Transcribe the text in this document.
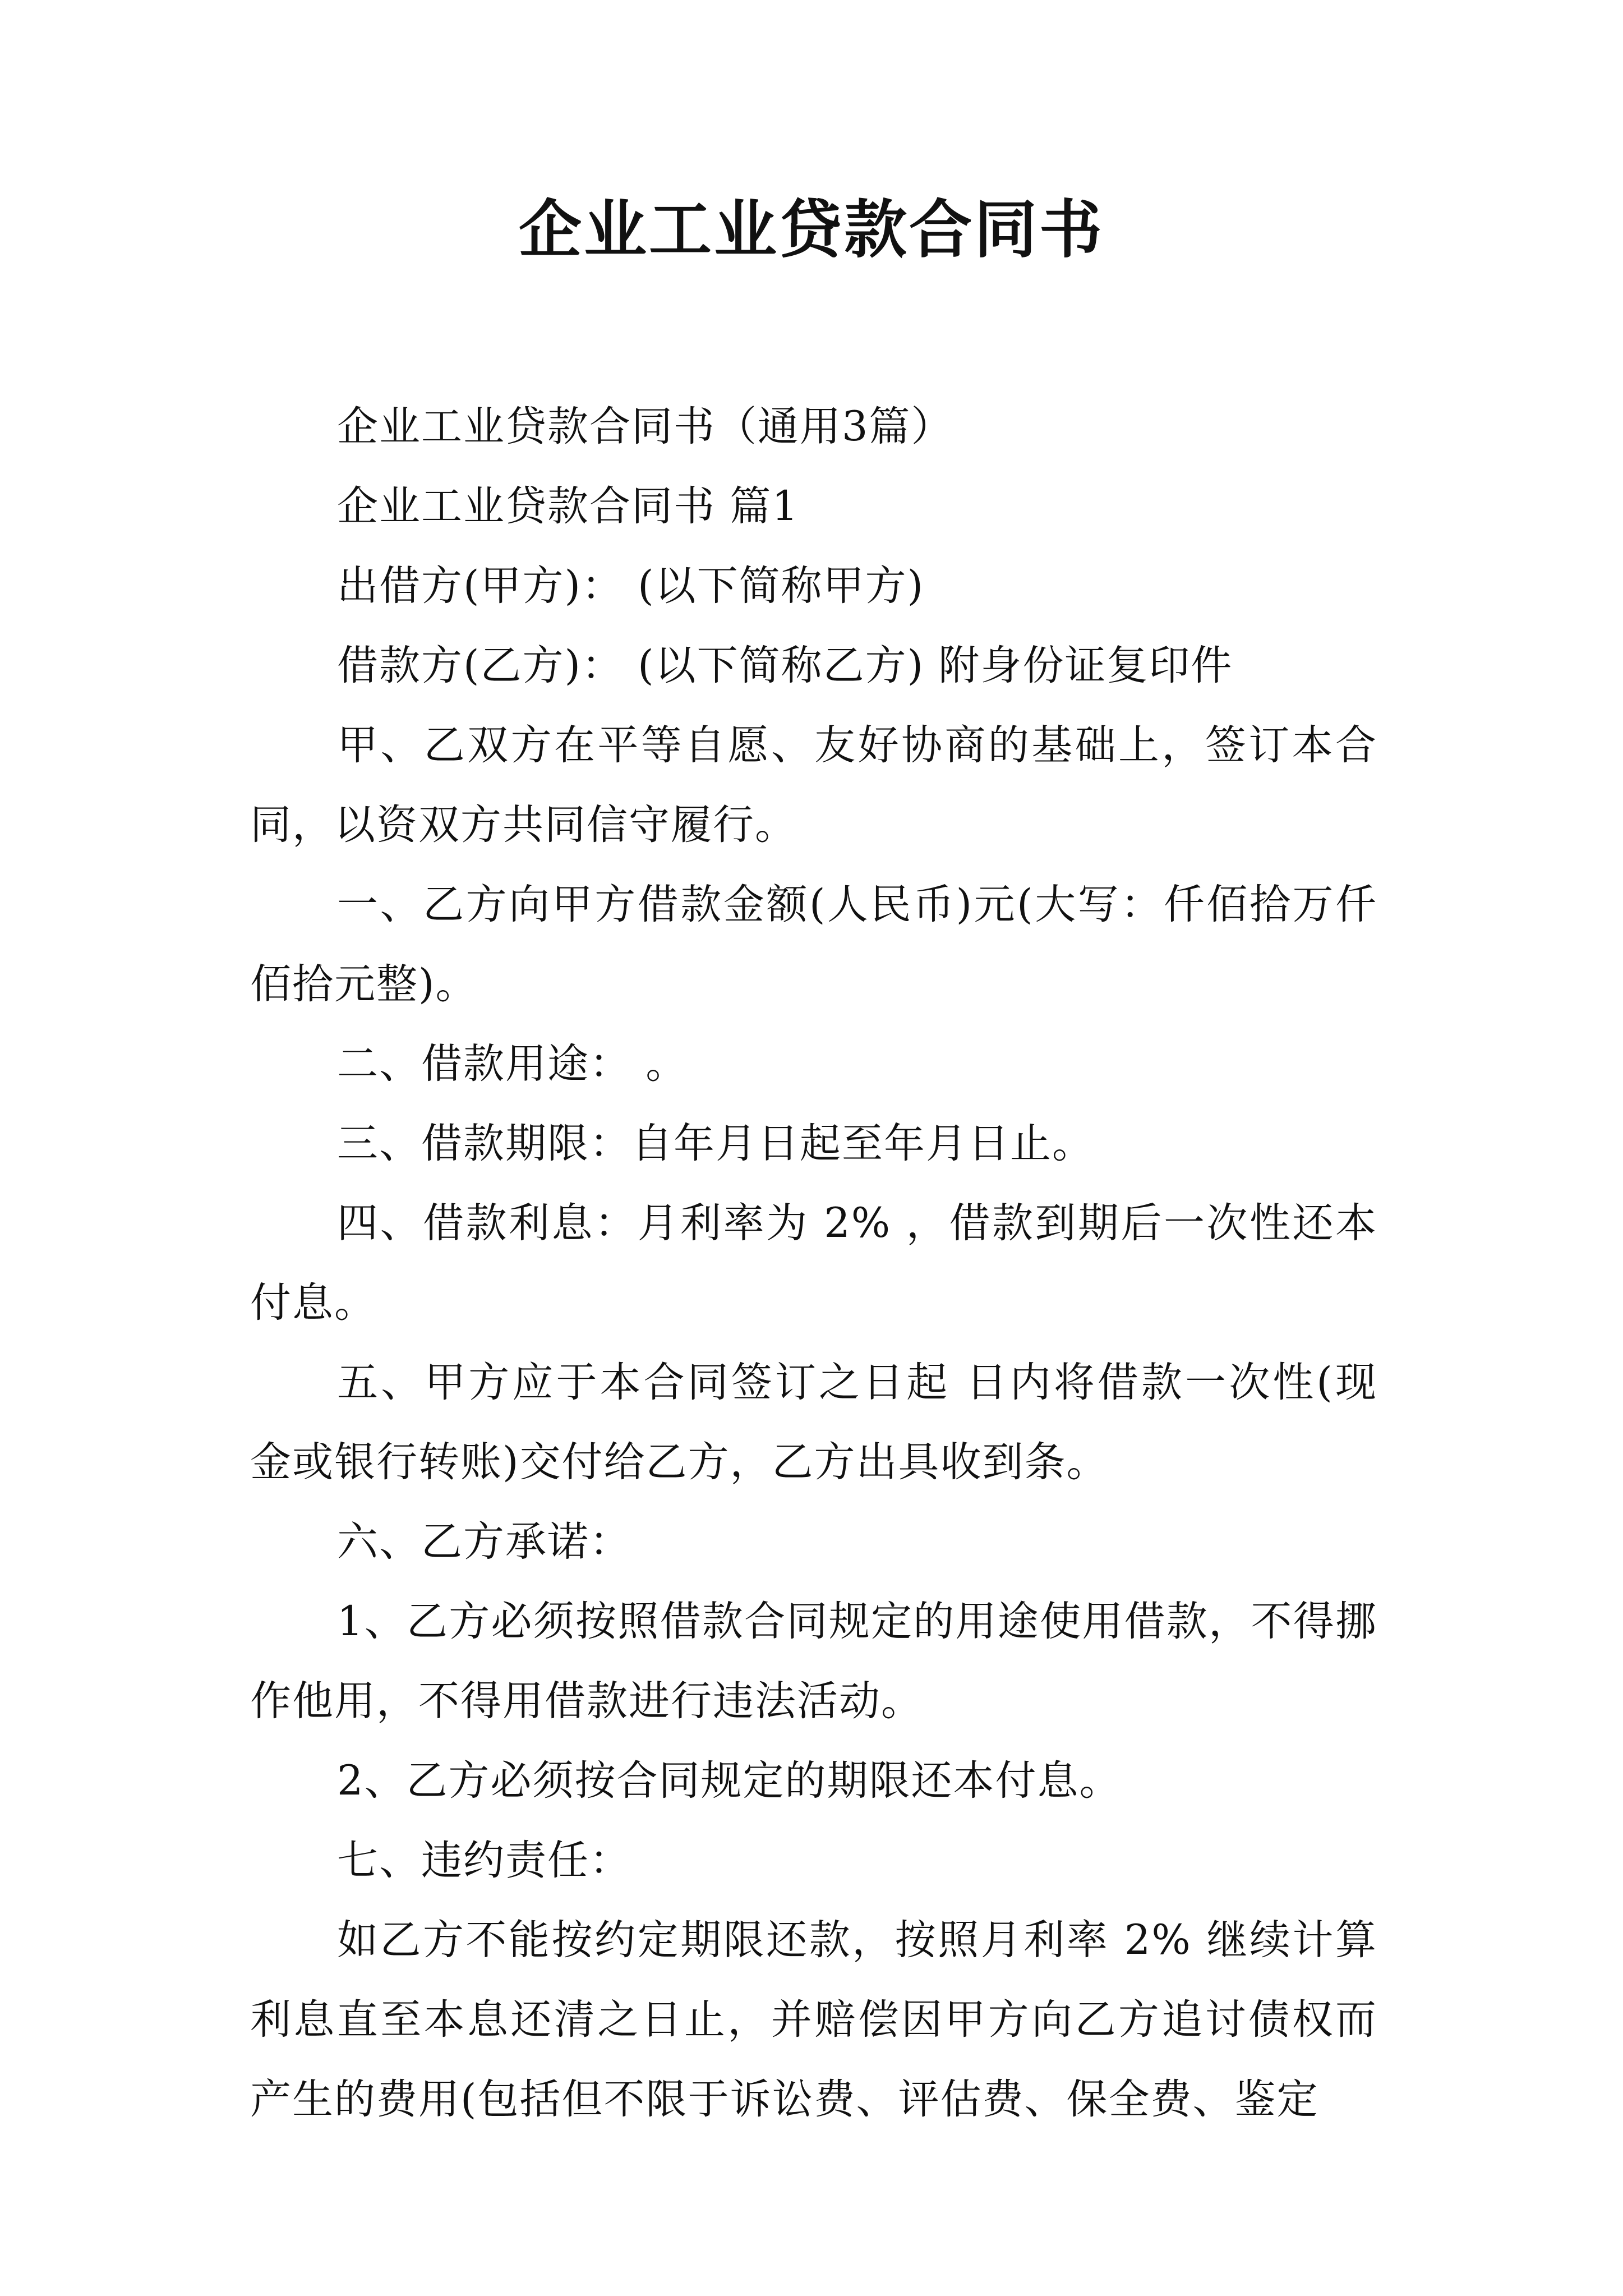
企业工业贷款合同书

企业工业贷款合同书（通用3篇）

企业工业贷款合同书 篇1

出借方(甲方)： (以下简称甲方)

借款方(乙方)： (以下简称乙方) 附身份证复印件

甲、乙双方在平等自愿、友好协商的基础上，签订本合同，以资双方共同信守履行。

一、乙方向甲方借款金额(人民币)元(大写：仟佰拾万仟佰拾元整)。

二、借款用途： 。

三、借款期限：自年月日起至年月日止。

四、借款利息：月利率为 2% ，借款到期后一次性还本付息。

五、甲方应于本合同签订之日起 日内将借款一次性(现金或银行转账)交付给乙方，乙方出具收到条。

六、乙方承诺：

1、乙方必须按照借款合同规定的用途使用借款，不得挪作他用，不得用借款进行违法活动。

2、乙方必须按合同规定的期限还本付息。

七、违约责任：

如乙方不能按约定期限还款，按照月利率 2% 继续计算利息直至本息还清之日止，并赔偿因甲方向乙方追讨债权而产生的费用(包括但不限于诉讼费、评估费、保全费、鉴定
